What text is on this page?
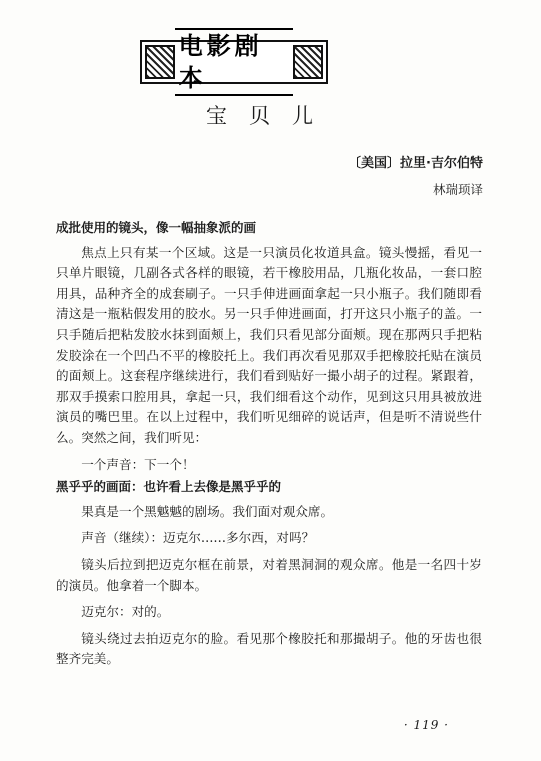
电影剧本
宝贝儿
〔美国〕拉里·吉尔伯特
林瑞顼译

成批使用的镜头，像一幅抽象派的画

焦点上只有某一个区域。这是一只演员化妆道具盒。镜头慢摇，看见一只单片眼镜，几副各式各样的眼镜，若干橡胶用品，几瓶化妆品，一套口腔用具，品种齐全的成套刷子。一只手伸进画面拿起一只小瓶子。我们随即看清这是一瓶粘假发用的胶水。另一只手伸进画面，打开这只小瓶子的盖。一只手随后把粘发胶水抹到面颊上，我们只看见部分面颊。现在那两只手把粘发胶涂在一个凹凸不平的橡胶托上。我们再次看见那双手把橡胶托贴在演员的面颊上。这套程序继续进行，我们看到贴好一撮小胡子的过程。紧跟着，那双手摸索口腔用具，拿起一只，我们细看这个动作，见到这只用具被放进演员的嘴巴里。在以上过程中，我们听见细碎的说话声，但是听不清说些什么。突然之间，我们听见：

一个声音：下一个！

黑乎乎的画面：也许看上去像是黑乎乎的

果真是一个黑魆魆的剧场。我们面对观众席。

声音（继续）：迈克尔……多尔西，对吗？

镜头后拉到把迈克尔框在前景，对着黑洞洞的观众席。他是一名四十岁的演员。他拿着一个脚本。

迈克尔：对的。

镜头绕过去拍迈克尔的脸。看见那个橡胶托和那撮胡子。他的牙齿也很整齐完美。

· 119 ·
